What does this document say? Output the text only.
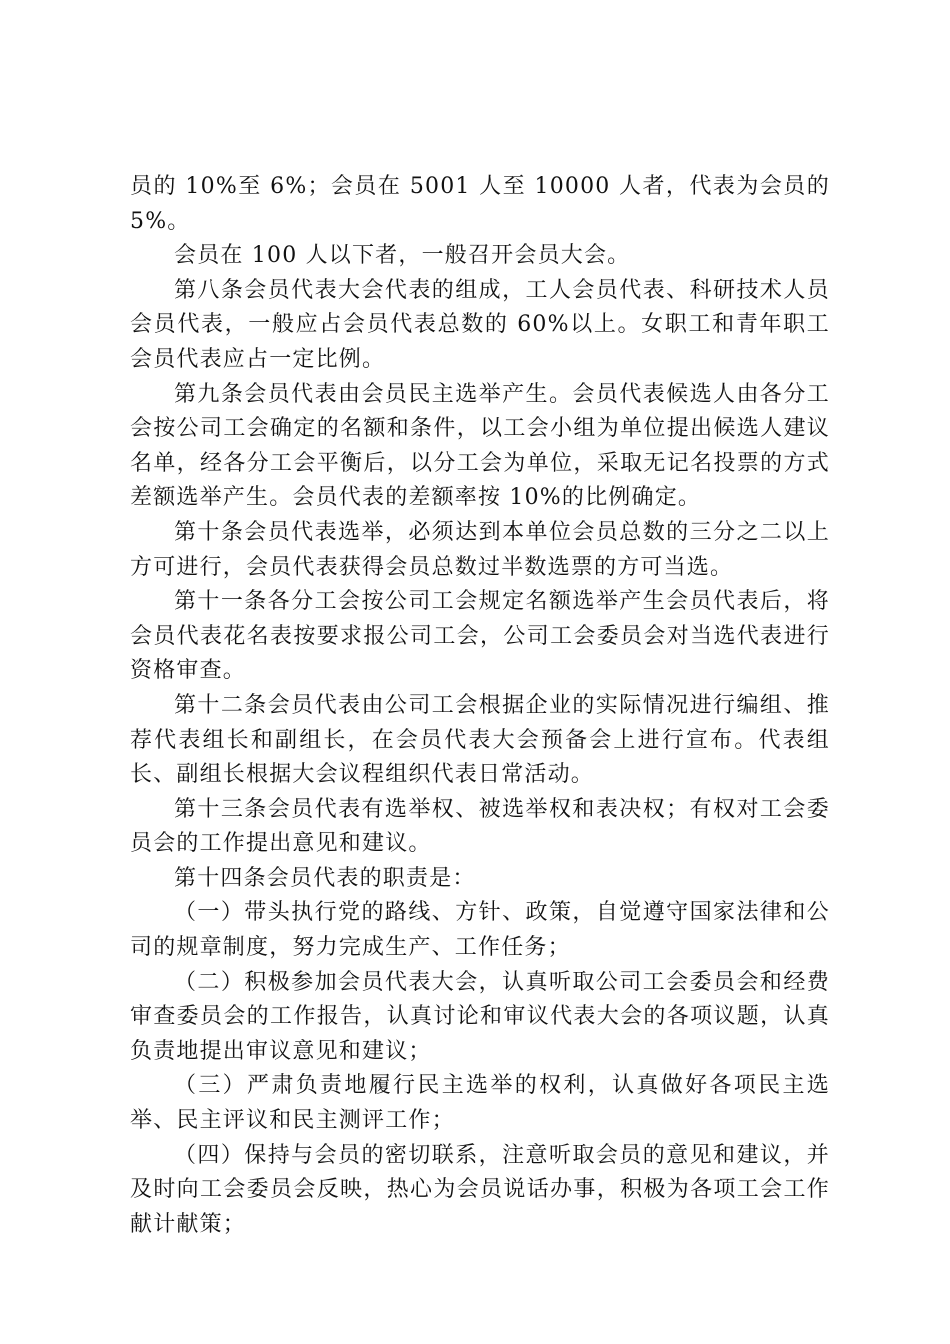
员的 10%至 6%；会员在 5001 人至 10000 人者，代表为会员的5%。

会员在 100 人以下者，一般召开会员大会。

第八条会员代表大会代表的组成，工人会员代表、科研技术人员会员代表，一般应占会员代表总数的 60%以上。女职工和青年职工会员代表应占一定比例。

第九条会员代表由会员民主选举产生。会员代表候选人由各分工会按公司工会确定的名额和条件，以工会小组为单位提出候选人建议名单，经各分工会平衡后，以分工会为单位，采取无记名投票的方式差额选举产生。会员代表的差额率按 10%的比例确定。

第十条会员代表选举，必须达到本单位会员总数的三分之二以上方可进行，会员代表获得会员总数过半数选票的方可当选。

第十一条各分工会按公司工会规定名额选举产生会员代表后，将会员代表花名表按要求报公司工会，公司工会委员会对当选代表进行资格审查。

第十二条会员代表由公司工会根据企业的实际情况进行编组、推荐代表组长和副组长，在会员代表大会预备会上进行宣布。代表组长、副组长根据大会议程组织代表日常活动。

第十三条会员代表有选举权、被选举权和表决权；有权对工会委员会的工作提出意见和建议。

第十四条会员代表的职责是：

（一）带头执行党的路线、方针、政策，自觉遵守国家法律和公司的规章制度，努力完成生产、工作任务；

（二）积极参加会员代表大会，认真听取公司工会委员会和经费审查委员会的工作报告，认真讨论和审议代表大会的各项议题，认真负责地提出审议意见和建议；

（三）严肃负责地履行民主选举的权利，认真做好各项民主选举、民主评议和民主测评工作；

（四）保持与会员的密切联系，注意听取会员的意见和建议，并及时向工会委员会反映，热心为会员说话办事，积极为各项工会工作献计献策；
